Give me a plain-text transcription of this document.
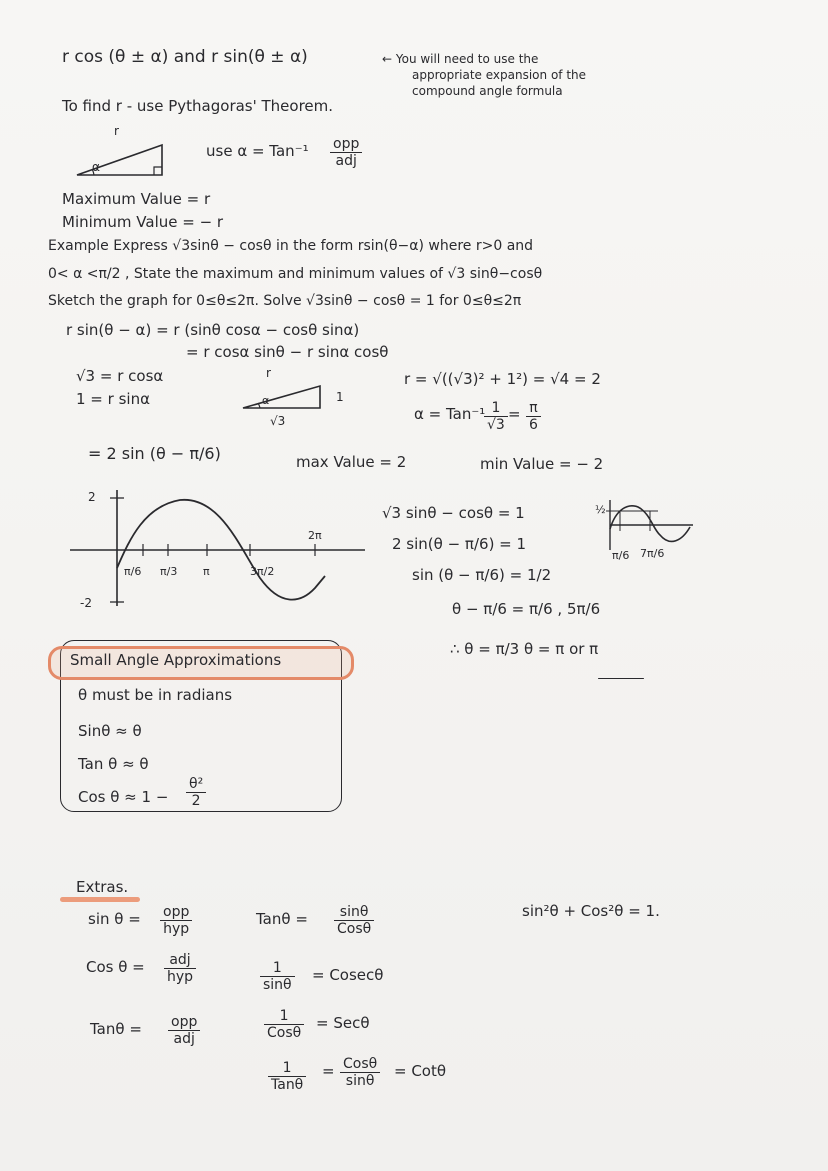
r cos (θ ± α) and r sin(θ ± α)	← You will need to use the
appropriate expansion of the
compound angle formula
To find r - use Pythagoras' Theorem.
r
α
use α = Tan⁻¹ opp
adj
Maximum Value = r
Minimum Value = − r
Example Express √3sinθ − cosθ in the form rsin(θ−α) where r>0 and
0< α <π/2 , State the maximum and minimum values of √3 sinθ−cosθ
Sketch the graph for 0≤θ≤2π. Solve √3sinθ − cosθ = 1 for 0≤θ≤2π
r sin(θ − α) = r (sinθ cosα − cosθ sinα)
= r cosα sinθ − r sinα cosθ
√3 = r cosα
1 = r sinα
r
1
√3
α
r = √((√3)² + 1²) = √4 = 2
α = Tan⁻¹ 1
√3
= π
6
= 2 sin (θ − π/6)	max Value = 2	min Value = − 2
2
-2
π/6 π/3 π	3π/2
2π
√3 sinθ − cosθ = 1
2 sin(θ − π/6) = 1
sin (θ − π/6) = 1/2
θ − π/6 = π/6 , 5π/6
∴ θ = π/3 θ = π or π
½
π/6 7π/6
Small Angle Approximations
θ must be in radians
Sinθ ≈ θ
Tan θ ≈ θ
Cos θ ≈ 1 −
θ²
2
Extras.
sin θ = opp
hyp
Cos θ = adj
hyp
Tanθ = opp
adj
Tanθ = sinθ
Cosθ
1
sinθ
= Cosecθ
1
Cosθ
= Secθ
1
Tanθ
= Cosθ
sinθ
= Cotθ
sin²θ + Cos²θ = 1.
